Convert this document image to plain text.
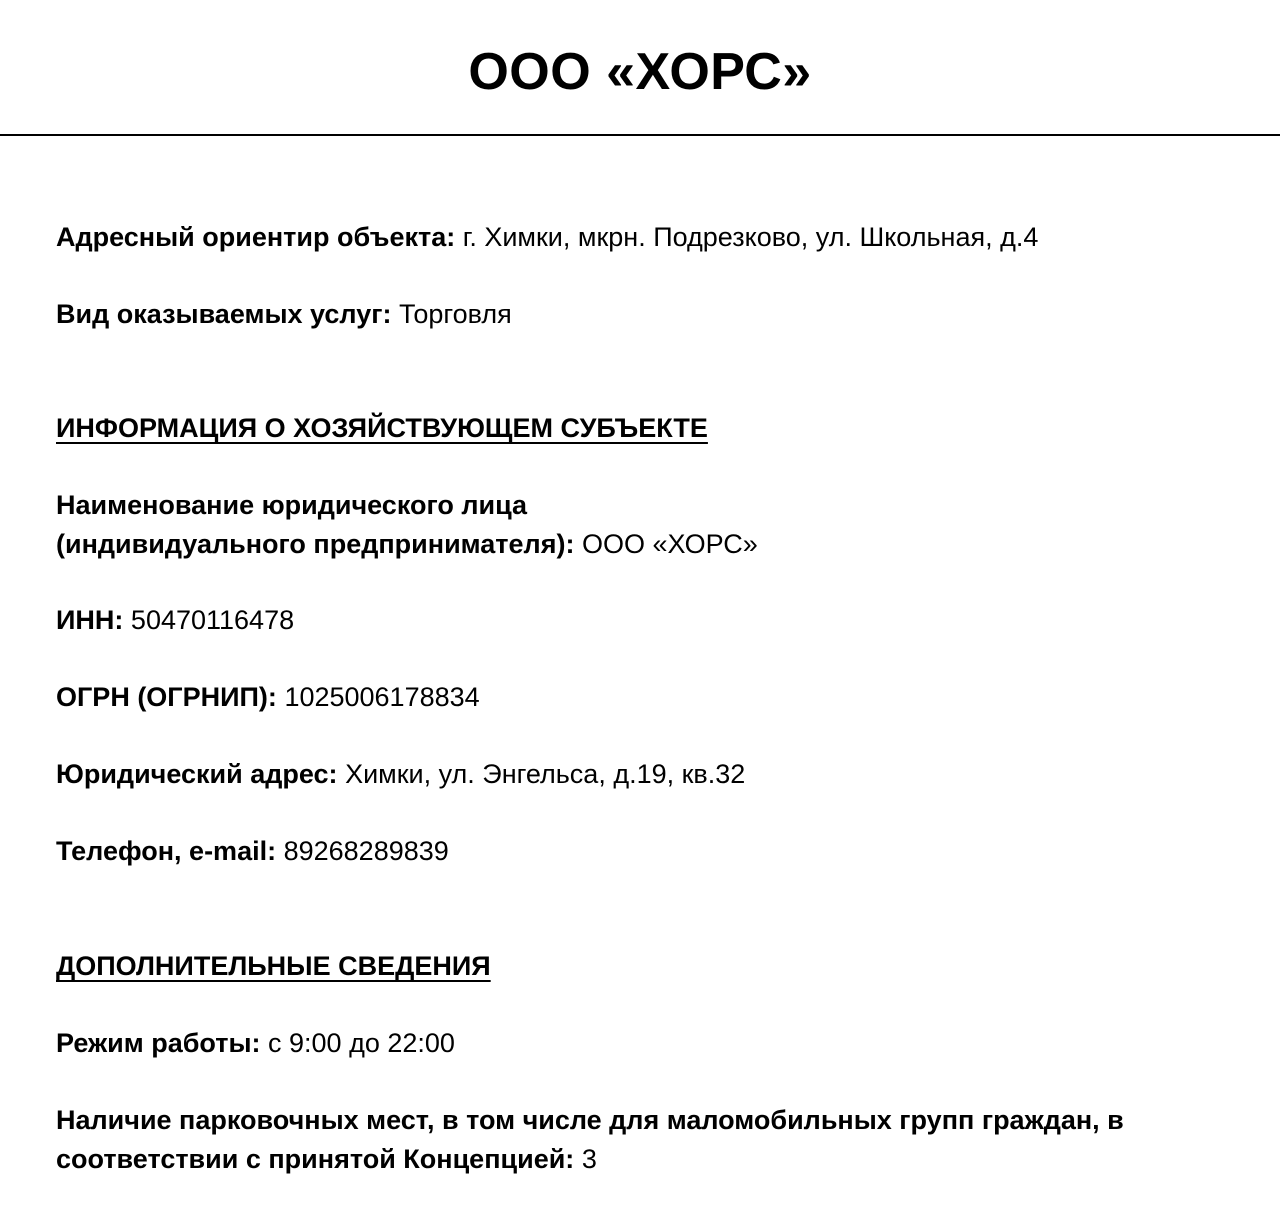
ООО «ХОРС»
Адресный ориентир объекта: г. Химки, мкрн. Подрезково, ул. Школьная, д.4
Вид оказываемых услуг: Торговля
ИНФОРМАЦИЯ О ХОЗЯЙСТВУЮЩЕМ СУБЪЕКТЕ
Наименование юридического лица
(индивидуального предпринимателя): ООО «ХОРС»
ИНН: 50470116478
ОГРН (ОГРНИП): 1025006178834
Юридический адрес: Химки, ул. Энгельса, д.19, кв.32
Телефон, e-mail: 89268289839
ДОПОЛНИТЕЛЬНЫЕ СВЕДЕНИЯ
Режим работы: с 9:00 до 22:00
Наличие парковочных мест, в том числе для маломобильных групп граждан, в
соответствии с принятой Концепцией: 3
